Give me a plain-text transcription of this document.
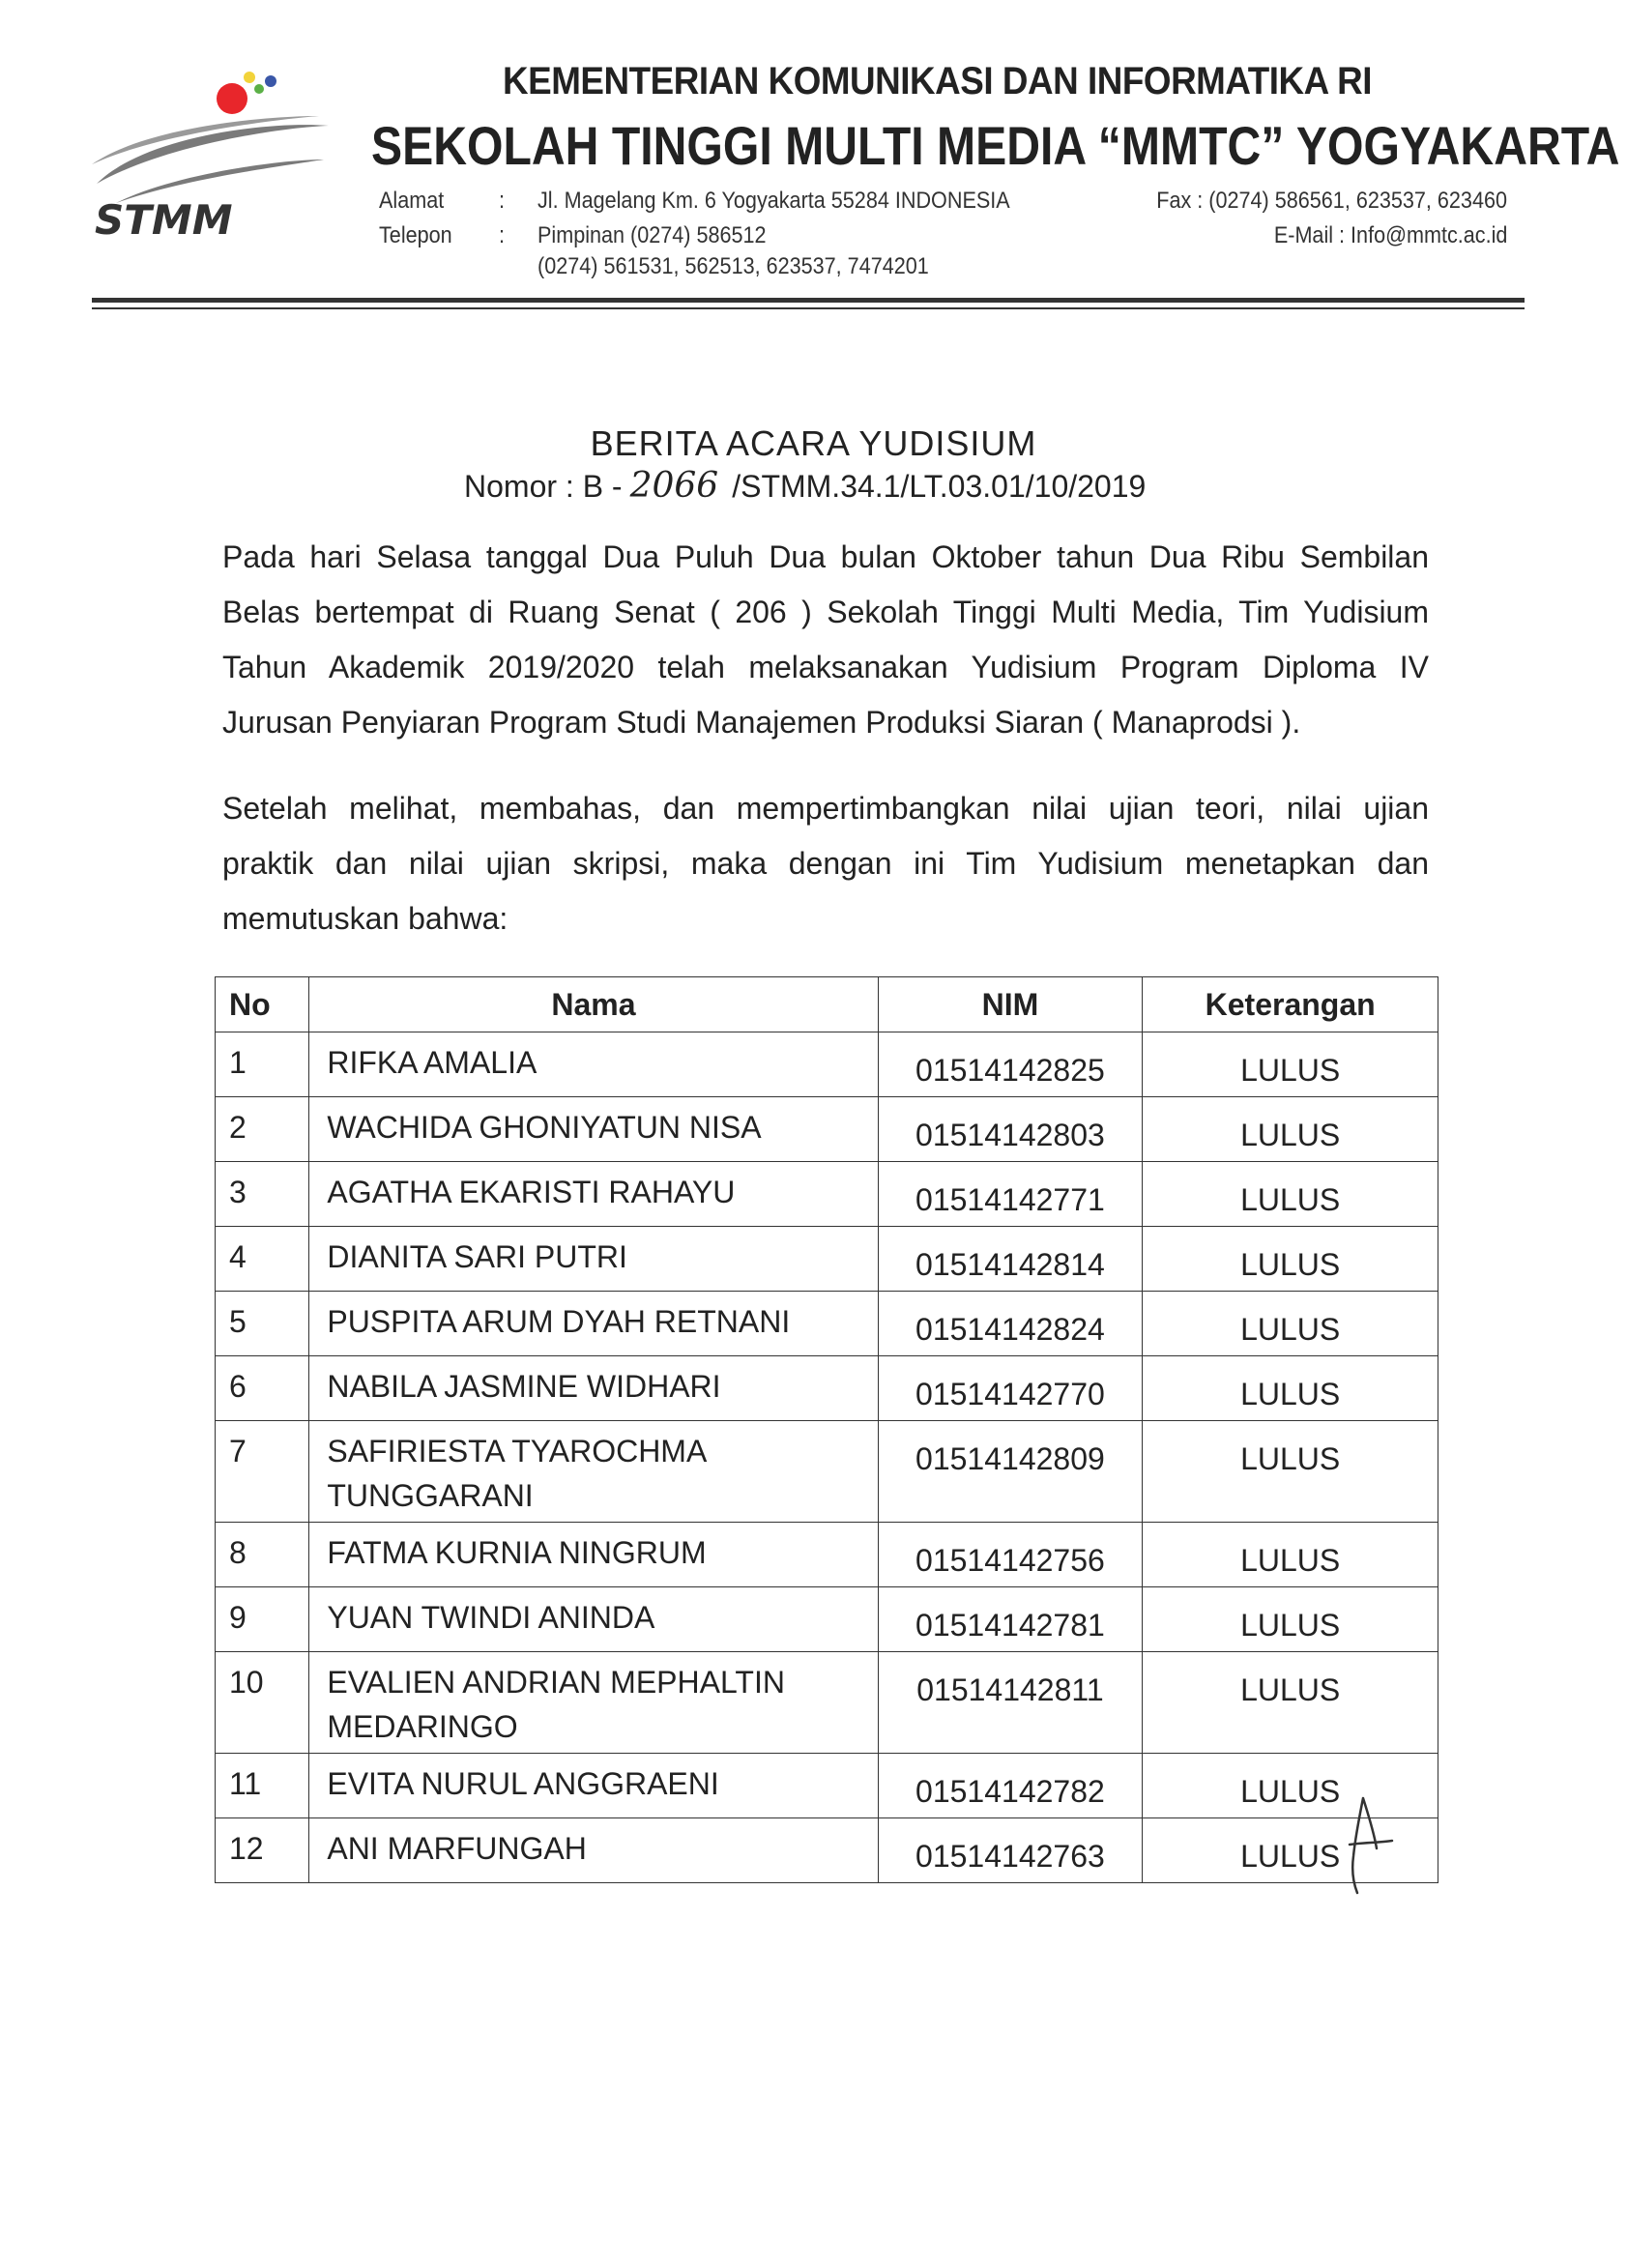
STMM
KEMENTERIAN KOMUNIKASI DAN INFORMATIKA RI
SEKOLAH TINGGI MULTI MEDIA “MMTC” YOGYAKARTA
Alamat : Jl. Magelang Km. 6 Yogyakarta 55284 INDONESIA
Telepon : Pimpinan (0274) 586512
(0274) 561531, 562513, 623537, 7474201
Fax : (0274) 586561, 623537, 623460
E-Mail : Info@mmtc.ac.id
BERITA ACARA YUDISIUM
Nomor : B - 2066 /STMM.34.1/LT.03.01/10/2019
Pada hari Selasa tanggal Dua Puluh Dua bulan Oktober tahun Dua Ribu Sembilan
Belas bertempat di Ruang Senat ( 206 ) Sekolah Tinggi Multi Media, Tim Yudisium
Tahun Akademik 2019/2020 telah melaksanakan Yudisium Program Diploma IV
Jurusan Penyiaran Program Studi Manajemen Produksi Siaran ( Manaprodsi ).
Setelah melihat, membahas, dan mempertimbangkan nilai ujian teori, nilai ujian
praktik dan nilai ujian skripsi, maka dengan ini Tim Yudisium menetapkan dan
memutuskan bahwa:
No	Nama	NIM	Keterangan

1	RIFKA AMALIA	01514142825	LULUS

2	WACHIDA GHONIYATUN NISA	01514142803	LULUS

3	AGATHA EKARISTI RAHAYU	01514142771	LULUS

4	DIANITA SARI PUTRI	01514142814	LULUS

5	PUSPITA ARUM DYAH RETNANI	01514142824	LULUS

6	NABILA JASMINE WIDHARI	01514142770	LULUS

7	SAFIRIESTA TYAROCHMA
TUNGGARANI	01514142809	LULUS

8	FATMA KURNIA NINGRUM	01514142756	LULUS

9	YUAN TWINDI ANINDA	01514142781	LULUS

10	EVALIEN ANDRIAN MEPHALTIN
MEDARINGO	01514142811	LULUS

11	EVITA NURUL ANGGRAENI	01514142782	LULUS

12	ANI MARFUNGAH	01514142763	LULUS
